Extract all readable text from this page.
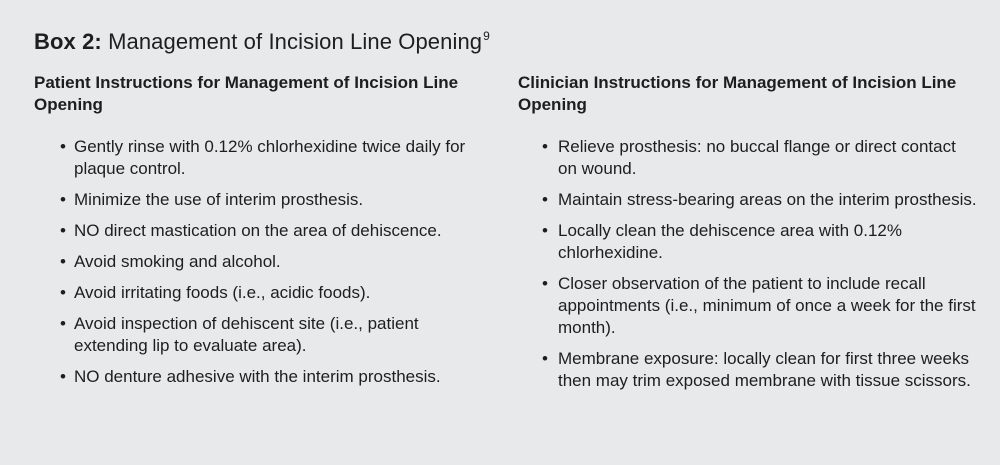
Box 2: Management of Incision Line Opening$^9$
Patient Instructions for Management of Incision Line Opening
• Gently rinse with 0.12% chlorhexidine twice daily for plaque control.
• Minimize the use of interim prosthesis.
• NO direct mastication on the area of dehiscence.
• Avoid smoking and alcohol.
• Avoid irritating foods (i.e., acidic foods).
• Avoid inspection of dehiscent site (i.e., patient extending lip to evaluate area).
• NO denture adhesive with the interim prosthesis.
Clinician Instructions for Management of Incision Line Opening
• Relieve prosthesis: no buccal flange or direct contact on wound.
• Maintain stress-bearing areas on the interim prosthesis.
• Locally clean the dehiscence area with 0.12% chlorhexidine.
• Closer observation of the patient to include recall appointments (i.e., minimum of once a week for the first month).
• Membrane exposure: locally clean for first three weeks then may trim exposed membrane with tissue scissors.
